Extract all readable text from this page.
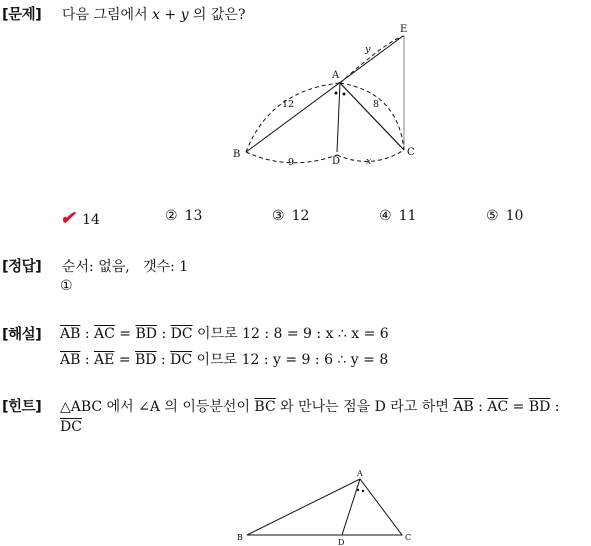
[문제] 다음 그림에서 x + y 의 값은?
A
B	C
D
E
12	8
9	x
y
✔ 14	② 13	③ 12	④ 11	⑤ 10
[정답] 순서: 없음,   갯수: 1
①
[해설] $\overline{AB}$ : $\overline{AC} = \overline{BD}$ : $\overline{DC}$ 이므로 12 : 8 = 9 : x ∴ x = 6
$\overline{AB}$ : $\overline{AE} = \overline{BD}$ : $\overline{DC}$ 이므로 12 : y = 9 : 6 ∴ y = 8
[힌트] △ABC 에서 ∠A 의 이등분선이 $\overline{BC}$ 와 만나는 점을 D 라고 하면 $\overline{AB}$ : $\overline{AC} = \overline{BD}$ :
$\overline{DC}$
A
B	C
D
